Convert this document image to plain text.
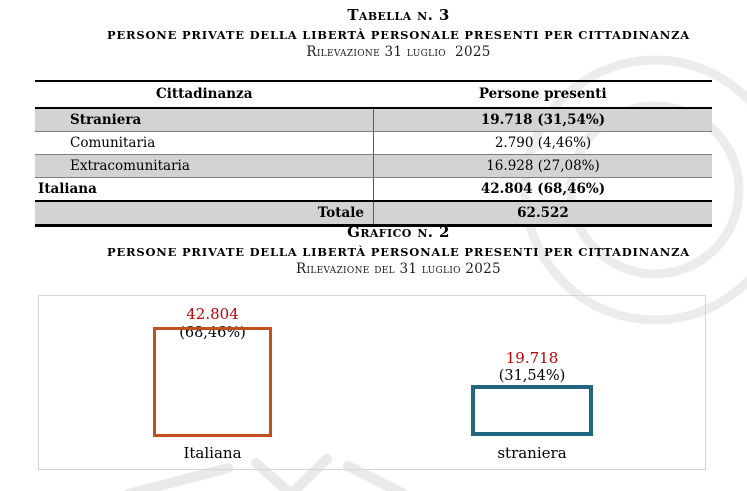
Tabella n. 3
PERSONE PRIVATE DELLA LIBERTÀ PERSONALE PRESENTI PER CITTADINANZA
Rilevazione 31 luglio  2025
Cittadinanza	Persone presenti
Straniera	19.718 (31,54%)
Comunitaria	2.790 (4,46%)
Extracomunitaria	16.928 (27,08%)
Italiana	42.804 (68,46%)
Totale	62.522
Grafico n. 2
PERSONE PRIVATE DELLA LIBERTÀ PERSONALE PRESENTI PER CITTADINANZA
Rilevazione del 31 luglio 2025
42.804
(68,46%)
Italiana
19.718
(31,54%)
straniera
